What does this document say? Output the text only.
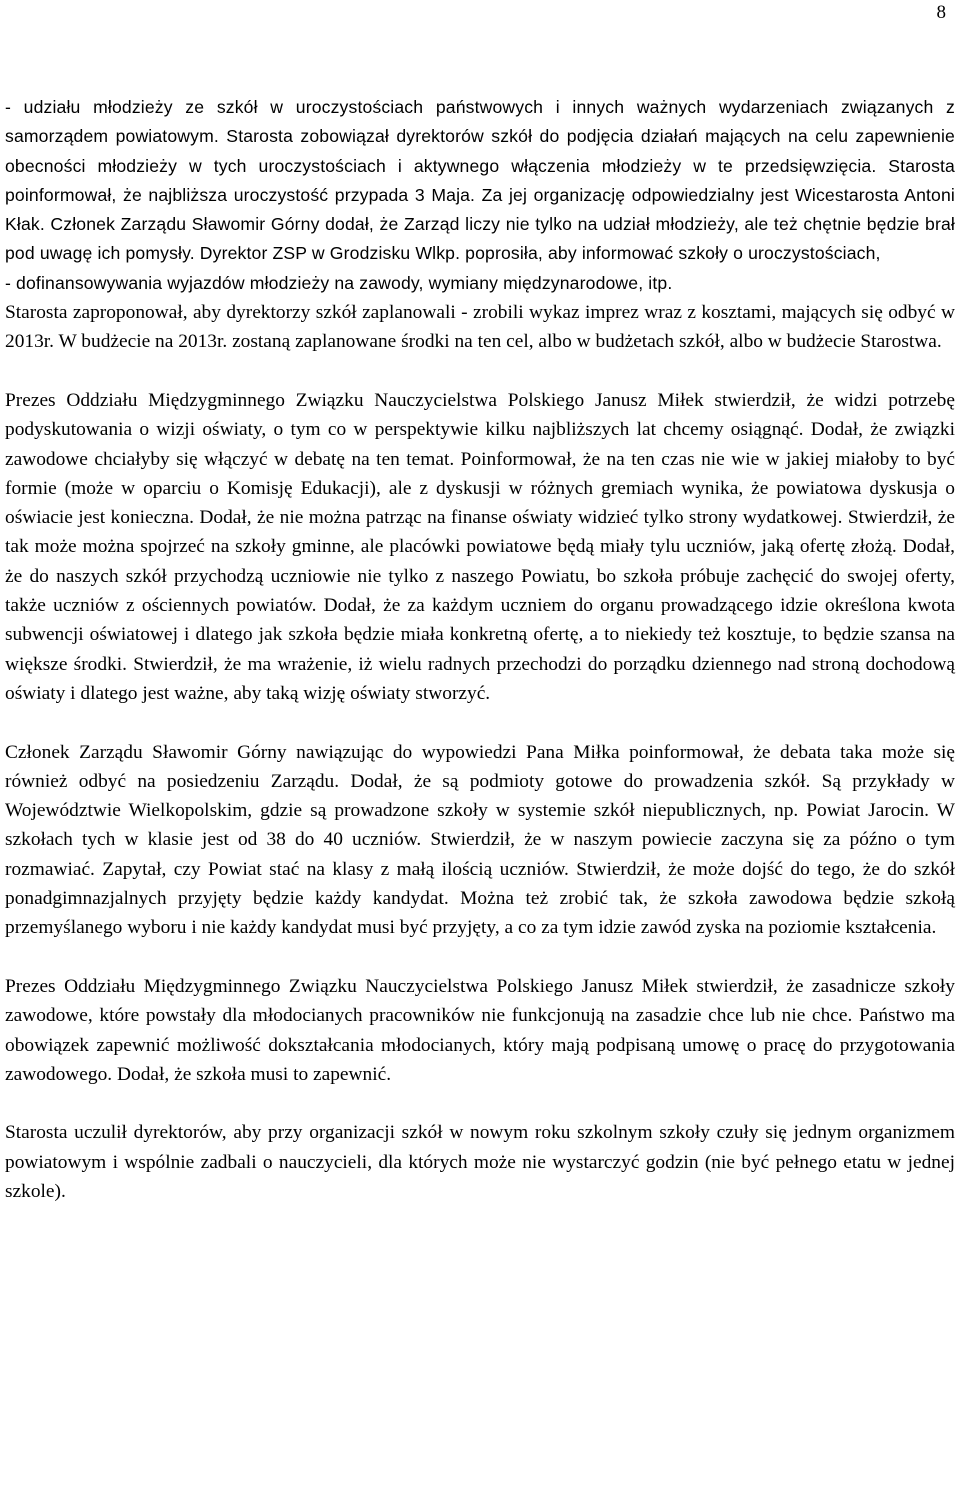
8

- udziału młodzieży ze szkół w uroczystościach państwowych i innych ważnych wydarzeniach związanych z samorządem powiatowym. Starosta zobowiązał dyrektorów szkół do podjęcia działań mających na celu zapewnienie obecności młodzieży w tych uroczystościach i aktywnego włączenia młodzieży w te przedsięwzięcia. Starosta poinformował, że najbliższa uroczystość przypada 3 Maja. Za jej organizację odpowiedzialny jest Wicestarosta Antoni Kłak. Członek Zarządu Sławomir Górny dodał, że Zarząd liczy nie tylko na udział młodzieży, ale też chętnie będzie brał pod uwagę ich pomysły. Dyrektor ZSP w Grodzisku Wlkp. poprosiła, aby informować szkoły o uroczystościach,
- dofinansowywania wyjazdów młodzieży na zawody, wymiany międzynarodowe, itp.
Starosta zaproponował, aby dyrektorzy szkół zaplanowali - zrobili wykaz imprez wraz z kosztami, mających się odbyć w 2013r. W budżecie na 2013r. zostaną zaplanowane środki na ten cel, albo w budżetach szkół, albo w budżecie Starostwa.

Prezes Oddziału Międzygminnego Związku Nauczycielstwa Polskiego Janusz Miłek stwierdził, że widzi potrzebę podyskutowania o wizji oświaty, o tym co w perspektywie kilku najbliższych lat chcemy osiągnąć. Dodał, że związki zawodowe chciałyby się włączyć w debatę na ten temat. Poinformował, że na ten czas nie wie w jakiej miałoby to być formie (może w oparciu o Komisję Edukacji), ale z dyskusji w różnych gremiach wynika, że powiatowa dyskusja o oświacie jest konieczna. Dodał, że nie można patrząc na finanse oświaty widzieć tylko strony wydatkowej. Stwierdził, że tak może można spojrzeć na szkoły gminne, ale placówki powiatowe będą miały tylu uczniów, jaką ofertę złożą. Dodał, że do naszych szkół przychodzą uczniowie nie tylko z naszego Powiatu, bo szkoła próbuje zachęcić do swojej oferty, także uczniów z ościennych powiatów. Dodał, że za każdym uczniem do organu prowadzącego idzie określona kwota subwencji oświatowej i dlatego jak szkoła będzie miała konkretną ofertę, a to niekiedy też kosztuje, to będzie szansa na większe środki. Stwierdził, że ma wrażenie, iż wielu radnych przechodzi do porządku dziennego nad stroną dochodową oświaty i dlatego jest ważne, aby taką wizję oświaty stworzyć.

Członek Zarządu Sławomir Górny nawiązując do wypowiedzi Pana Miłka poinformował, że debata taka może się również odbyć na posiedzeniu Zarządu. Dodał, że są podmioty gotowe do prowadzenia szkół. Są przykłady w Województwie Wielkopolskim, gdzie są prowadzone szkoły w systemie szkół niepublicznych, np. Powiat Jarocin. W szkołach tych w klasie jest od 38 do 40 uczniów. Stwierdził, że w naszym powiecie zaczyna się za późno o tym rozmawiać. Zapytał, czy Powiat stać na klasy z małą ilością uczniów. Stwierdził, że może dojść do tego, że do szkół ponadgimnazjalnych przyjęty będzie każdy kandydat. Można też zrobić tak, że szkoła zawodowa będzie szkołą przemyślanego wyboru i nie każdy kandydat musi być przyjęty, a co za tym idzie zawód zyska na poziomie kształcenia.

Prezes Oddziału Międzygminnego Związku Nauczycielstwa Polskiego Janusz Miłek stwierdził, że zasadnicze szkoły zawodowe, które powstały dla młodocianych pracowników nie funkcjonują na zasadzie chce lub nie chce. Państwo ma obowiązek zapewnić możliwość dokształcania młodocianych, który mają podpisaną umowę o pracę do przygotowania zawodowego. Dodał, że szkoła musi to zapewnić.

Starosta uczulił dyrektorów, aby przy organizacji szkół w nowym roku szkolnym szkoły czuły się jednym organizmem powiatowym i wspólnie zadbali o nauczycieli, dla których może nie wystarczyć godzin (nie być pełnego etatu w jednej szkole).
